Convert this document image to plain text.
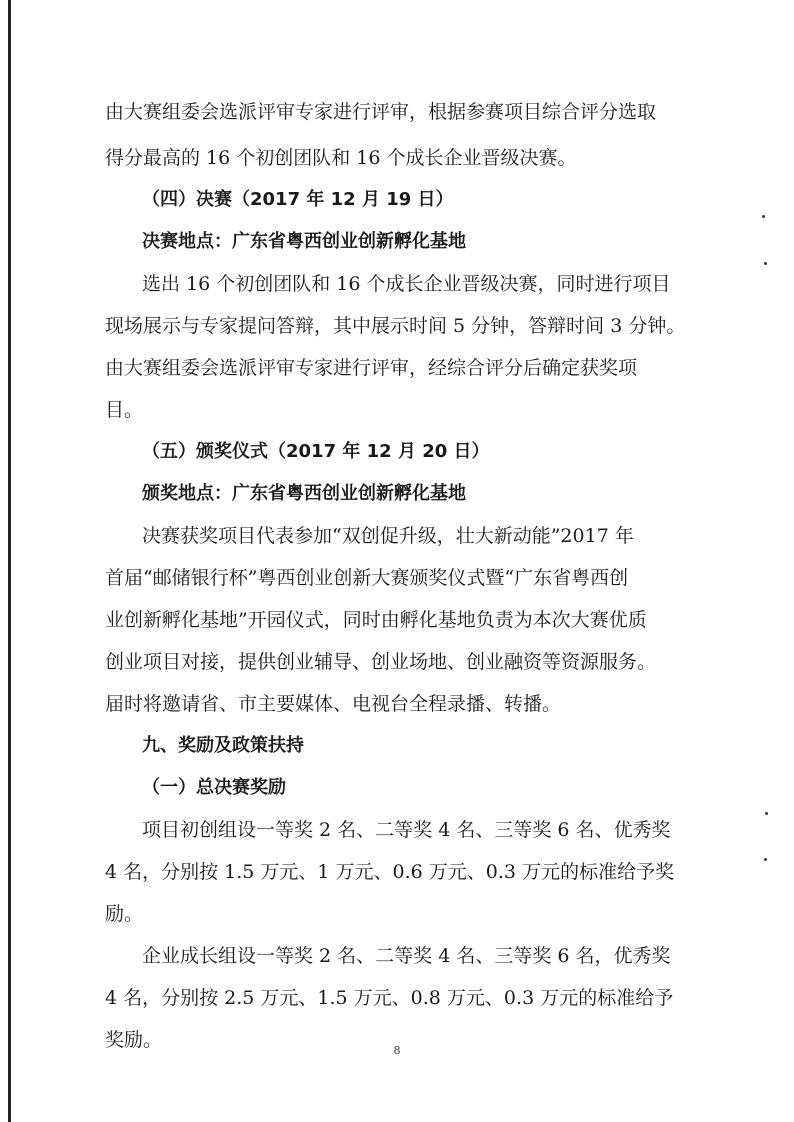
由大赛组委会选派评审专家进行评审，根据参赛项目综合评分选取
得分最高的 16 个初创团队和 16 个成长企业晋级决赛。
（四）决赛（2017 年 12 月 19 日）
决赛地点：广东省粤西创业创新孵化基地
选出 16 个初创团队和 16 个成长企业晋级决赛，同时进行项目
现场展示与专家提问答辩，其中展示时间 5 分钟，答辩时间 3 分钟。
由大赛组委会选派评审专家进行评审，经综合评分后确定获奖项
目。
（五）颁奖仪式（2017 年 12 月 20 日）
颁奖地点：广东省粤西创业创新孵化基地
决赛获奖项目代表参加“双创促升级，壮大新动能”2017 年
首届“邮储银行杯”粤西创业创新大赛颁奖仪式暨“广东省粤西创
业创新孵化基地”开园仪式，同时由孵化基地负责为本次大赛优质
创业项目对接，提供创业辅导、创业场地、创业融资等资源服务。
届时将邀请省、市主要媒体、电视台全程录播、转播。
九、奖励及政策扶持
（一）总决赛奖励
项目初创组设一等奖 2 名、二等奖 4 名、三等奖 6 名、优秀奖
4 名，分别按 1.5 万元、1 万元、0.6 万元、0.3 万元的标准给予奖
励。
企业成长组设一等奖 2 名、二等奖 4 名、三等奖 6 名，优秀奖
4 名，分别按 2.5 万元、1.5 万元、0.8 万元、0.3 万元的标准给予
奖励。	8
